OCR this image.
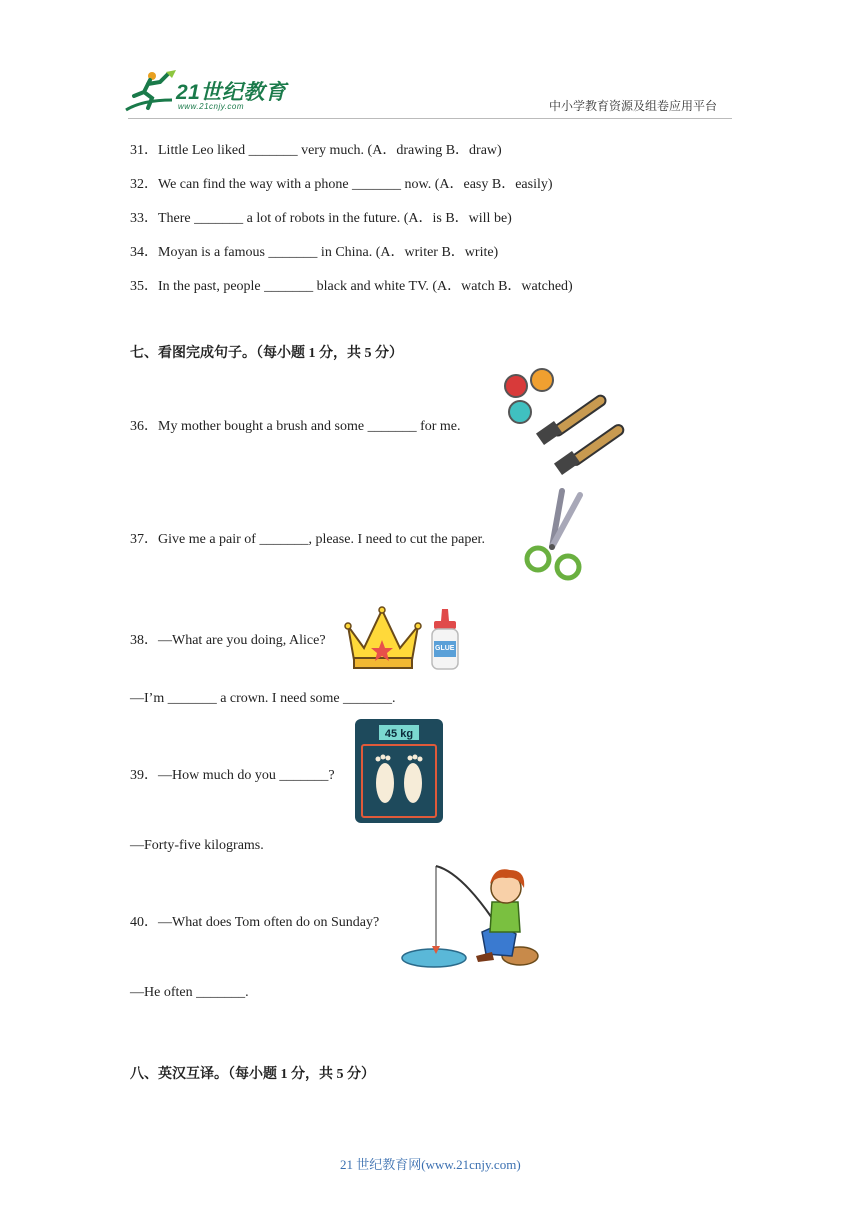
21世纪教育
www.21cnjy.com	中小学教育资源及组卷应用平台
31．Little Leo liked _______ very much. (A．drawing B．draw)
32．We can find the way with a phone _______ now. (A．easy B．easily)
33．There _______ a lot of robots in the future. (A．is B．will be)
34．Moyan is a famous _______ in China. (A．writer B．write)
35．In the past, people _______ black and white TV. (A．watch B．watched)
七、看图完成句子。（每小题 1 分，共 5 分）
36．My mother bought a brush and some _______ for me.
37．Give me a pair of _______, please. I need to cut the paper.
38．—What are you doing, Alice?
GLUE
—I’m _______ a crown. I need some _______.
39．—How much do you _______?
45 kg
—Forty-five kilograms.
40．—What does Tom often do on Sunday?
—He often _______.
八、英汉互译。（每小题 1 分，共 5 分）
21 世纪教育网(www.21cnjy.com)
